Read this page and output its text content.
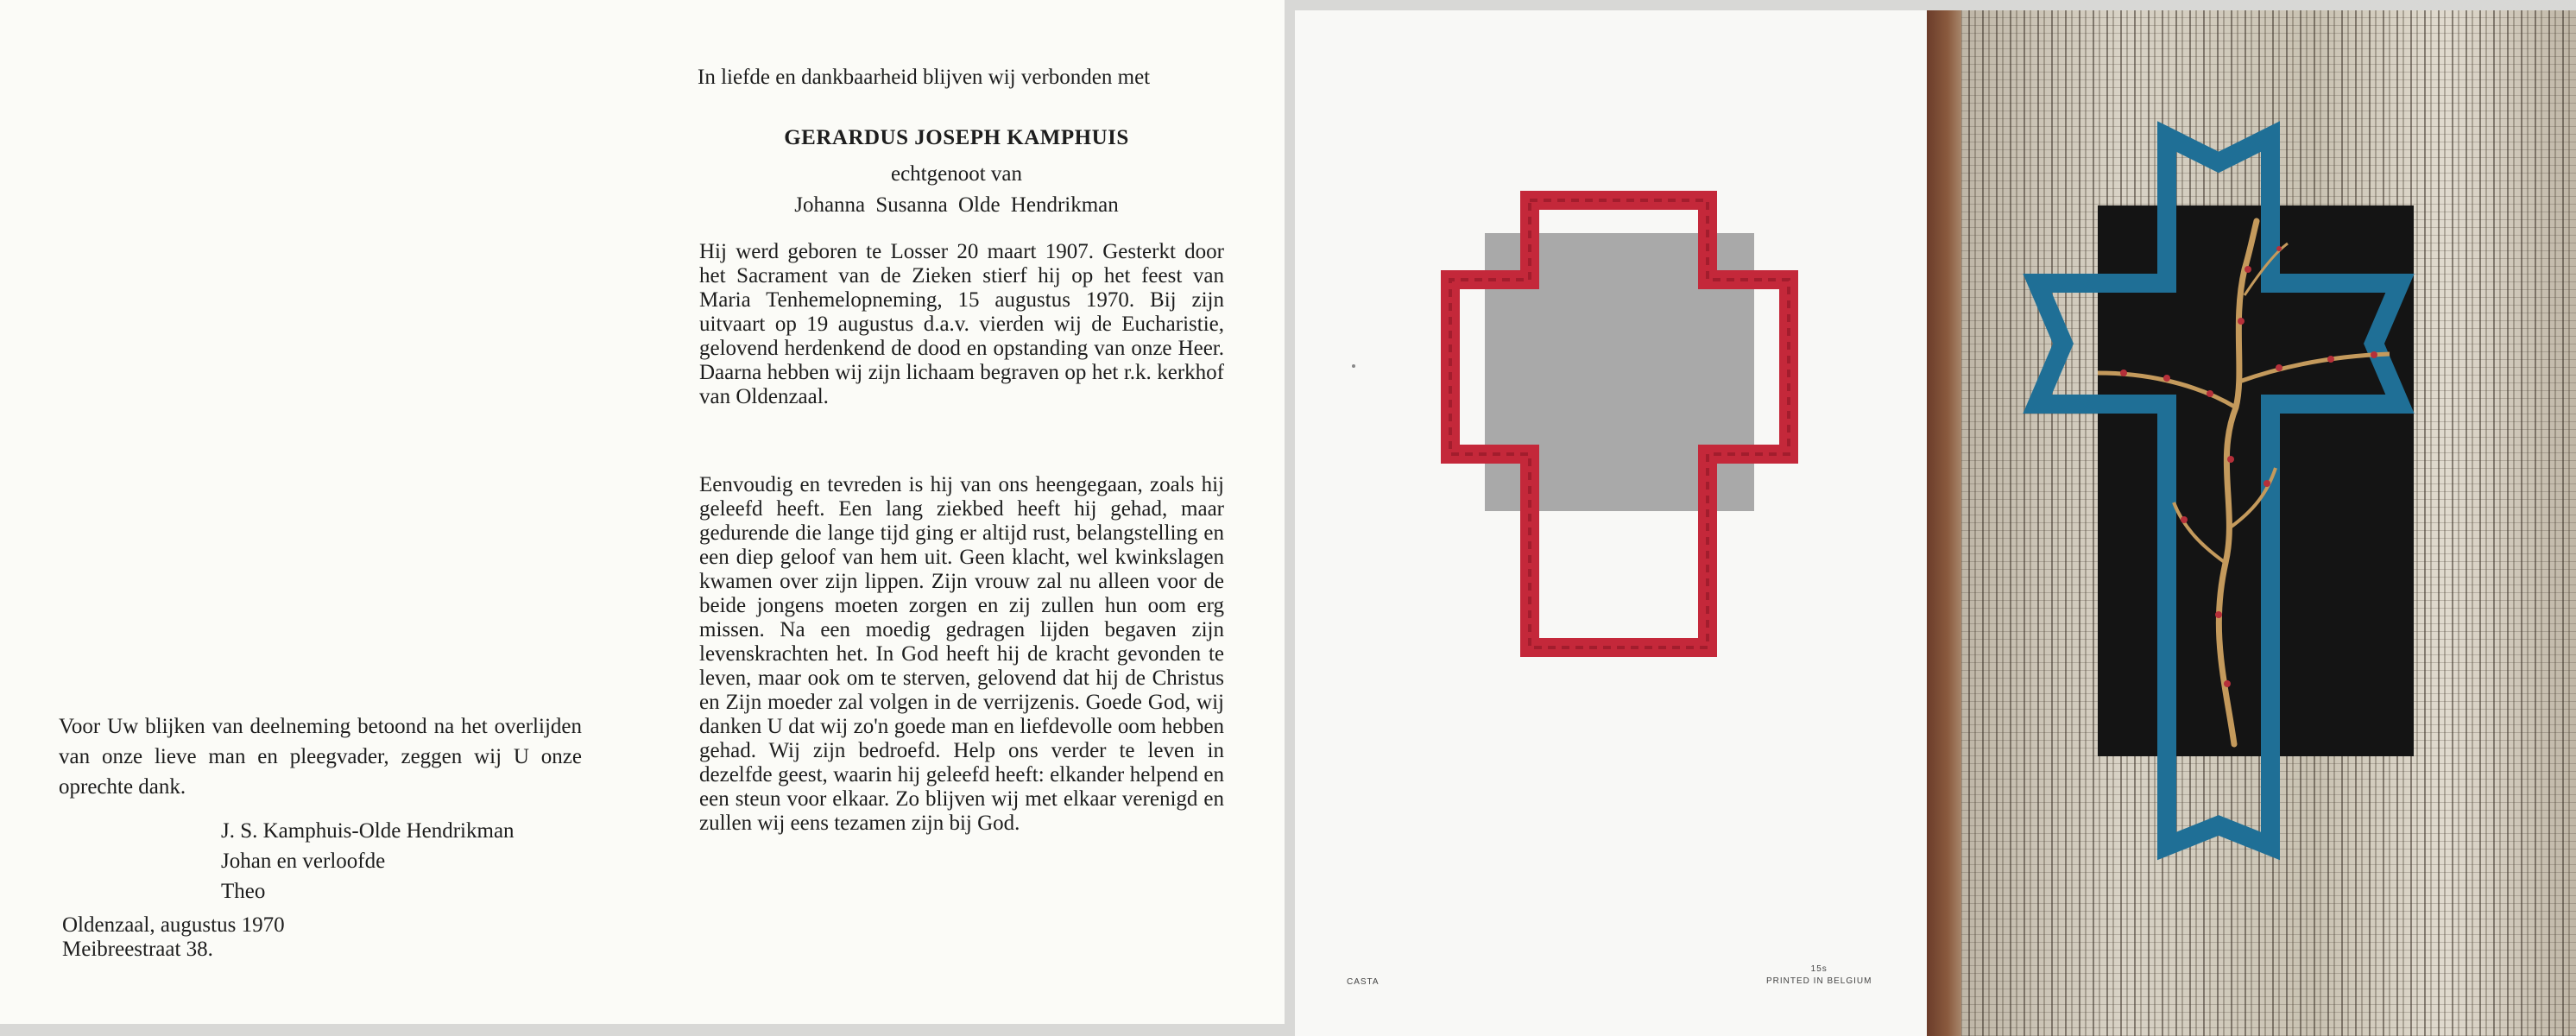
Voor Uw blijken van deelneming betoond na het overlijden van onze lieve man en pleegvader, zeggen wij U onze oprechte dank.
J. S. Kamphuis-Olde Hendrikman
Johan en verloofde
Theo
Oldenzaal, augustus 1970
Meibreestraat 38.
In liefde en dankbaarheid blijven wij verbonden met
GERARDUS JOSEPH KAMPHUIS
echtgenoot van
Johanna Susanna Olde Hendrikman
Hij werd geboren te Losser 20 maart 1907. Gesterkt door het Sacrament van de Zieken stierf hij op het feest van Maria Tenhemelopneming, 15 augustus 1970. Bij zijn uitvaart op 19 augustus d.a.v. vierden wij de Eucharistie, gelovend herdenkend de dood en opstanding van onze Heer. Daarna hebben wij zijn lichaam begraven op het r.k. kerkhof van Oldenzaal.
Eenvoudig en tevreden is hij van ons heengegaan, zoals hij geleefd heeft. Een lang ziekbed heeft hij gehad, maar gedurende die lange tijd ging er altijd rust, belangstelling en een diep geloof van hem uit. Geen klacht, wel kwinkslagen kwamen over zijn lippen. Zijn vrouw zal nu alleen voor de beide jongens moeten zorgen en zij zullen hun oom erg missen. Na een moedig gedragen lijden begaven zijn levenskrachten het. In God heeft hij de kracht gevonden te leven, maar ook om te sterven, gelovend dat hij de Christus en Zijn moeder zal volgen in de verrijzenis. Goede God, wij danken U dat wij zo'n goede man en liefdevolle oom hebben gehad. Wij zijn bedroefd. Help ons verder te leven in dezelfde geest, waarin hij geleefd heeft: elkander helpend en een steun voor elkaar. Zo blijven wij met elkaar verenigd en zullen wij eens tezamen zijn bij God.
CASTA
15s
PRINTED IN BELGIUM
